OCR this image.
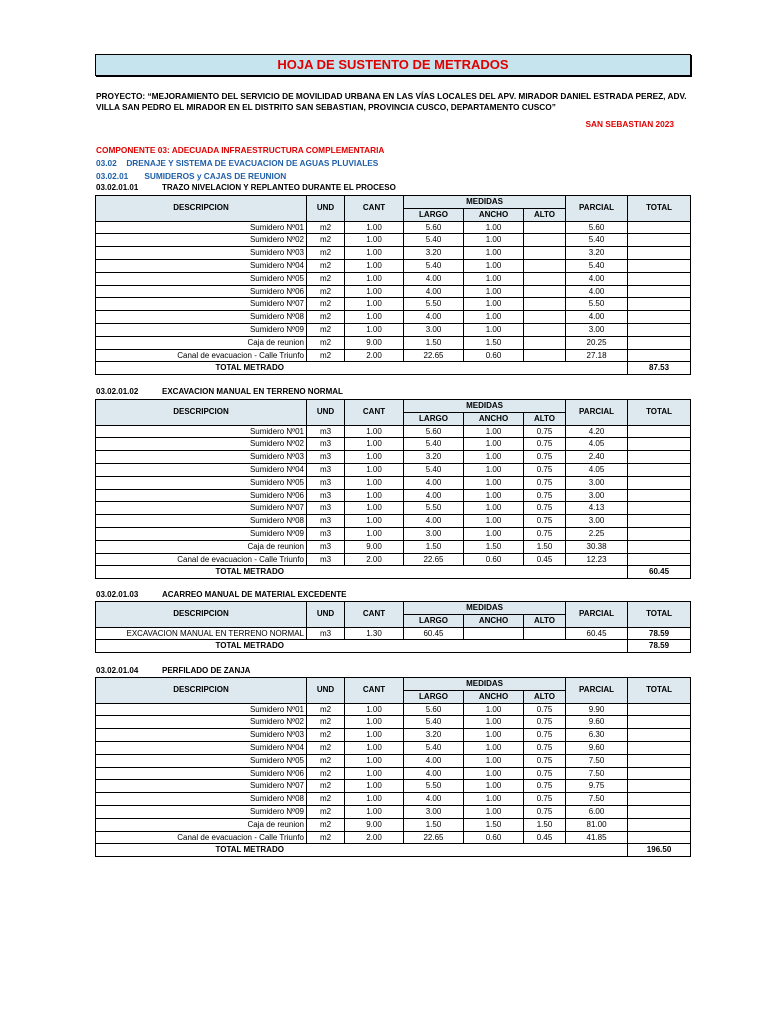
HOJA DE SUSTENTO DE METRADOS
PROYECTO: “MEJORAMIENTO DEL SERVICIO DE MOVILIDAD URBANA EN LAS VÍAS LOCALES DEL APV. MIRADOR DANIEL ESTRADA PEREZ, ADV. VILLA SAN PEDRO EL MIRADOR EN EL DISTRITO SAN SEBASTIAN, PROVINCIA CUSCO, DEPARTAMENTO CUSCO”
SAN SEBASTIAN 2023
COMPONENTE 03: ADECUADA INFRAESTRUCTURA COMPLEMENTARIA
03.02 DRENAJE Y SISTEMA DE EVACUACION DE AGUAS PLUVIALES
03.02.01 SUMIDEROS y CAJAS DE REUNION
03.02.01.01	TRAZO NIVELACION Y REPLANTEO DURANTE EL PROCESO
DESCRIPCION	UND	CANT	MEDIDAS			PARCIAL	TOTAL
			LARGO	ANCHO	ALTO		
Sumidero Nº01	m2	1.00	5.60	1.00		5.60	
Sumidero Nº02	m2	1.00	5.40	1.00		5.40	
Sumidero Nº03	m2	1.00	3.20	1.00		3.20	
Sumidero Nº04	m2	1.00	5.40	1.00		5.40	
Sumidero Nº05	m2	1.00	4.00	1.00		4.00	
Sumidero Nº06	m2	1.00	4.00	1.00		4.00	
Sumidero Nº07	m2	1.00	5.50	1.00		5.50	
Sumidero Nº08	m2	1.00	4.00	1.00		4.00	
Sumidero Nº09	m2	1.00	3.00	1.00		3.00	
Caja de reunion	m2	9.00	1.50	1.50		20.25	
Canal de evacuacion - Calle Triunfo	m2	2.00	22.65	0.60		27.18	
TOTAL METRADO							87.53
03.02.01.02	EXCAVACION MANUAL EN TERRENO NORMAL
DESCRIPCION	UND	CANT	MEDIDAS			PARCIAL	TOTAL
			LARGO	ANCHO	ALTO		
Sumidero Nº01	m3	1.00	5.60	1.00	0.75	4.20	
Sumidero Nº02	m3	1.00	5.40	1.00	0.75	4.05	
Sumidero Nº03	m3	1.00	3.20	1.00	0.75	2.40	
Sumidero Nº04	m3	1.00	5.40	1.00	0.75	4.05	
Sumidero Nº05	m3	1.00	4.00	1.00	0.75	3.00	
Sumidero Nº06	m3	1.00	4.00	1.00	0.75	3.00	
Sumidero Nº07	m3	1.00	5.50	1.00	0.75	4.13	
Sumidero Nº08	m3	1.00	4.00	1.00	0.75	3.00	
Sumidero Nº09	m3	1.00	3.00	1.00	0.75	2.25	
Caja de reunion	m3	9.00	1.50	1.50	1.50	30.38	
Canal de evacuacion - Calle Triunfo	m3	2.00	22.65	0.60	0.45	12.23	
TOTAL METRADO							60.45
03.02.01.03	ACARREO MANUAL DE MATERIAL EXCEDENTE
DESCRIPCION	UND	CANT	MEDIDAS			PARCIAL	TOTAL
			LARGO	ANCHO	ALTO		
EXCAVACION MANUAL EN TERRENO NORMAL	m3	1.30	60.45			60.45	78.59
TOTAL METRADO							78.59
03.02.01.04	PERFILADO DE ZANJA
DESCRIPCION	UND	CANT	MEDIDAS			PARCIAL	TOTAL
			LARGO	ANCHO	ALTO		
Sumidero Nº01	m2	1.00	5.60	1.00	0.75	9.90	
Sumidero Nº02	m2	1.00	5.40	1.00	0.75	9.60	
Sumidero Nº03	m2	1.00	3.20	1.00	0.75	6.30	
Sumidero Nº04	m2	1.00	5.40	1.00	0.75	9.60	
Sumidero Nº05	m2	1.00	4.00	1.00	0.75	7.50	
Sumidero Nº06	m2	1.00	4.00	1.00	0.75	7.50	
Sumidero Nº07	m2	1.00	5.50	1.00	0.75	9.75	
Sumidero Nº08	m2	1.00	4.00	1.00	0.75	7.50	
Sumidero Nº09	m2	1.00	3.00	1.00	0.75	6.00	
Caja de reunion	m2	9.00	1.50	1.50	1.50	81.00	
Canal de evacuacion - Calle Triunfo	m2	2.00	22.65	0.60	0.45	41.85	
TOTAL METRADO							196.50
